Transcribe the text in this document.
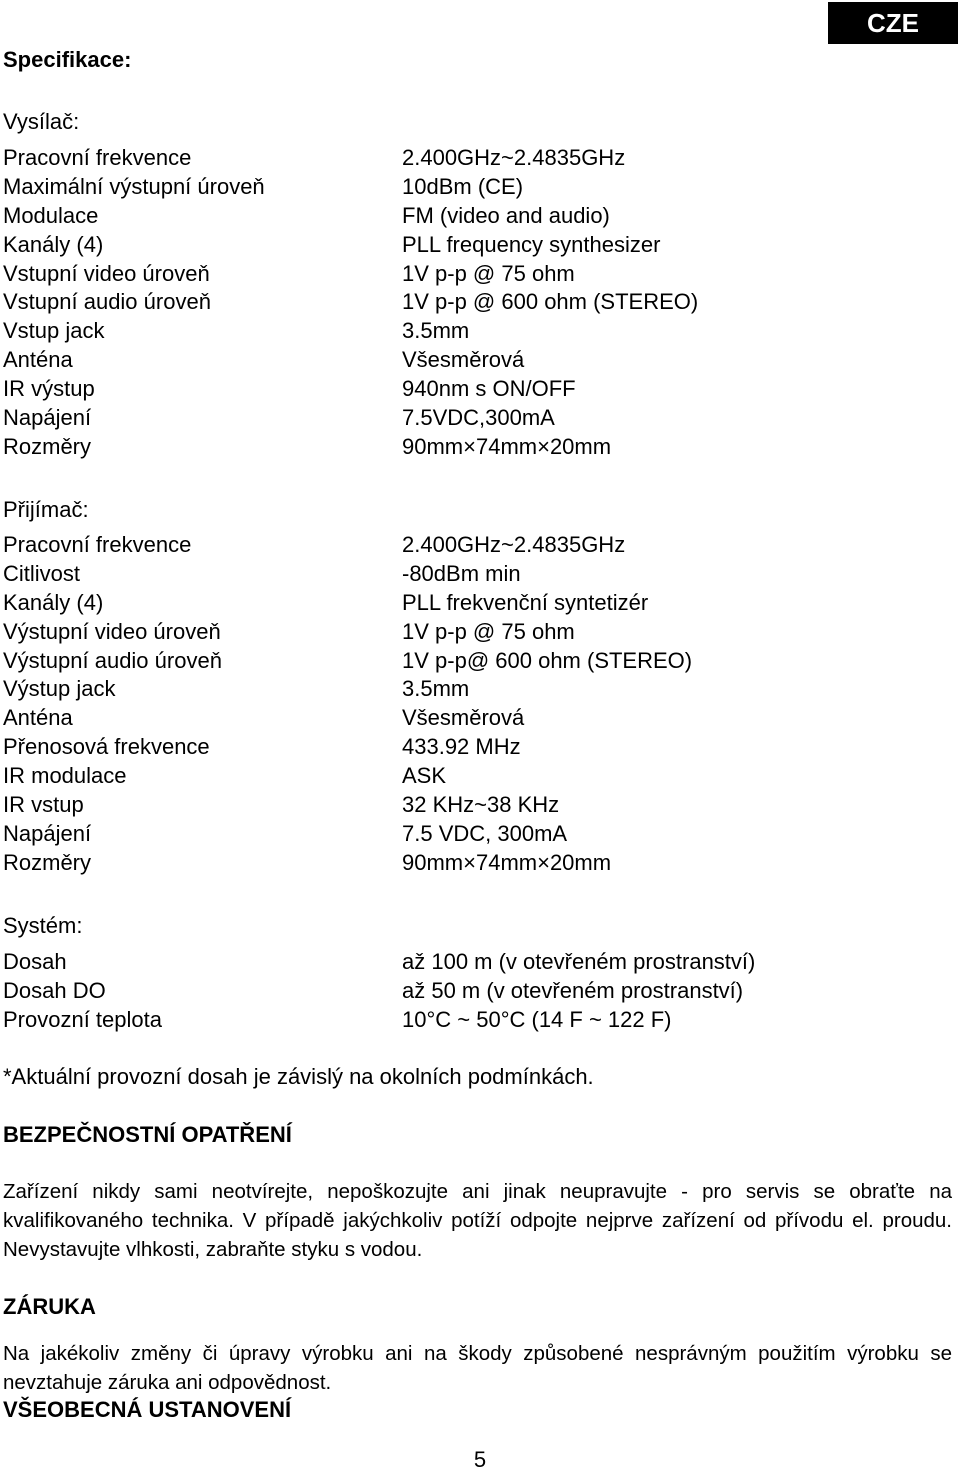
CZE
Specifikace:
Vysílač:
Pracovní frekvence	2.400GHz~2.4835GHz
Maximální výstupní úroveň	10dBm (CE)
Modulace	FM (video and audio)
Kanály (4)	PLL frequency synthesizer
Vstupní video úroveň	1V p-p @ 75 ohm
Vstupní audio úroveň	1V p-p @ 600 ohm (STEREO)
Vstup jack	3.5mm
Anténa	Všesměrová
IR výstup	940nm s ON/OFF
Napájení	7.5VDC,300mA
Rozměry	90mm×74mm×20mm
Přijímač:
Pracovní frekvence	2.400GHz~2.4835GHz
Citlivost	-80dBm min
Kanály (4)	PLL frekvenční syntetizér
Výstupní video úroveň	1V p-p @ 75 ohm
Výstupní audio úroveň	1V p-p@ 600 ohm (STEREO)
Výstup jack	3.5mm
Anténa	Všesměrová
Přenosová frekvence	433.92 MHz
IR modulace	ASK
IR vstup	32 KHz~38 KHz
Napájení	7.5 VDC, 300mA
Rozměry	90mm×74mm×20mm
Systém:
Dosah	až 100 m (v otevřeném prostranství)
Dosah DO	až 50 m (v otevřeném prostranství)
Provozní teplota	10°C ~ 50°C (14 F ~ 122 F)
*Aktuální provozní dosah je závislý na okolních podmínkách.
BEZPEČNOSTNÍ OPATŘENÍ
Zařízení nikdy sami neotvírejte, nepoškozujte ani jinak neupravujte - pro servis se obraťte na kvalifikovaného technika. V případě jakýchkoliv potíží odpojte nejprve zařízení od přívodu el. proudu. Nevystavujte vlhkosti, zabraňte styku s vodou.
ZÁRUKA
Na jakékoliv změny či úpravy výrobku ani na škody způsobené nesprávným použitím výrobku se nevztahuje záruka ani odpovědnost.
VŠEOBECNÁ USTANOVENÍ
5
